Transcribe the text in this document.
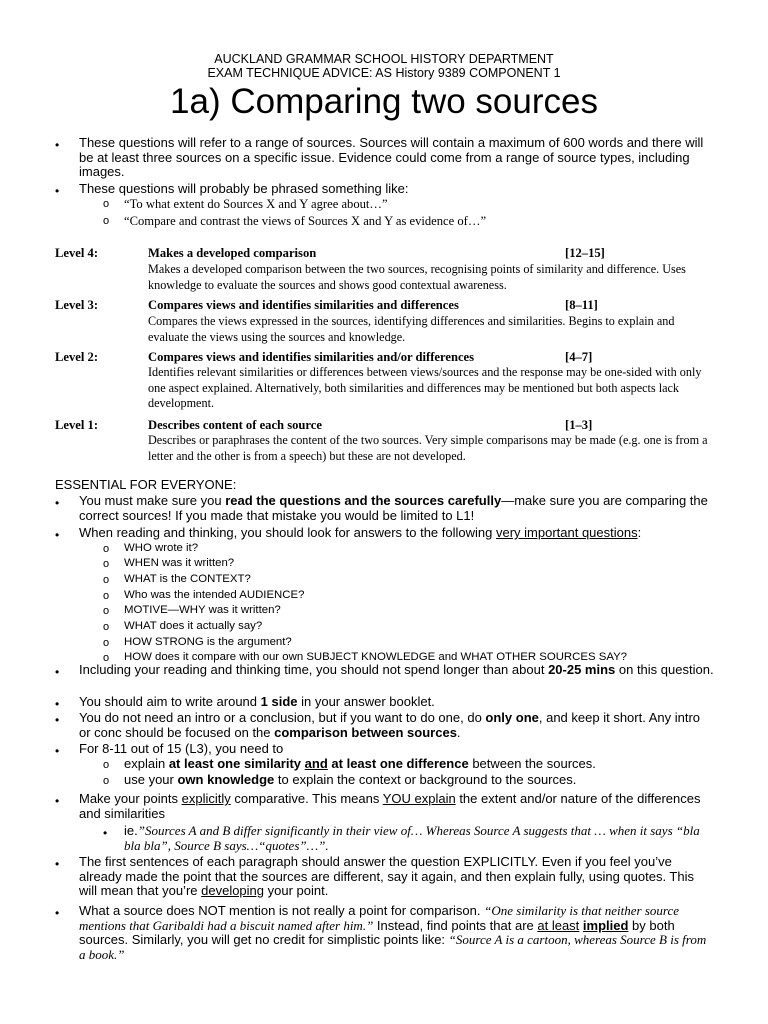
AUCKLAND GRAMMAR SCHOOL HISTORY DEPARTMENT
EXAM TECHNIQUE ADVICE: AS History 9389 COMPONENT 1
1a) Comparing two sources
• These questions will refer to a range of sources. Sources will contain a maximum of 600 words and there will be at least three sources on a specific issue. Evidence could come from a range of source types, including images.
• These questions will probably be phrased something like:
o “To what extent do Sources X and Y agree about…”
o “Compare and contrast the views of Sources X and Y as evidence of…”
Level 4:	Makes a developed comparison	[12–15]
Makes a developed comparison between the two sources, recognising points of similarity and difference. Uses knowledge to evaluate the sources and shows good contextual awareness.
Level 3:	Compares views and identifies similarities and differences	[8–11]
Compares the views expressed in the sources, identifying differences and similarities. Begins to explain and evaluate the views using the sources and knowledge.
Level 2:	Compares views and identifies similarities and/or differences	[4–7]
Identifies relevant similarities or differences between views/sources and the response may be one-sided with only one aspect explained. Alternatively, both similarities and differences may be mentioned but both aspects lack development.
Level 1:	Describes content of each source	[1–3]
Describes or paraphrases the content of the two sources. Very simple comparisons may be made (e.g. one is from a letter and the other is from a speech) but these are not developed.
ESSENTIAL FOR EVERYONE:
• You must make sure you read the questions and the sources carefully—make sure you are comparing the correct sources! If you made that mistake you would be limited to L1!
• When reading and thinking, you should look for answers to the following very important questions:
o WHO wrote it?
o WHEN was it written?
o WHAT is the CONTEXT?
o Who was the intended AUDIENCE?
o MOTIVE—WHY was it written?
o WHAT does it actually say?
o HOW STRONG is the argument?
o HOW does it compare with our own SUBJECT KNOWLEDGE and WHAT OTHER SOURCES SAY?
• Including your reading and thinking time, you should not spend longer than about 20-25 mins on this question.
• You should aim to write around 1 side in your answer booklet.
• You do not need an intro or a conclusion, but if you want to do one, do only one, and keep it short. Any intro or conc should be focused on the comparison between sources.
• For 8-11 out of 15 (L3), you need to
o explain at least one similarity and at least one difference between the sources.
o use your own knowledge to explain the context or background to the sources.
• Make your points explicitly comparative. This means YOU explain the extent and/or nature of the differences and similarities
• ie.”Sources A and B differ significantly in their view of… Whereas Source A suggests that … when it says “bla bla bla”, Source B says…“quotes”…”.
• The first sentences of each paragraph should answer the question EXPLICITLY. Even if you feel you’ve already made the point that the sources are different, say it again, and then explain fully, using quotes. This will mean that you’re developing your point.
• What a source does NOT mention is not really a point for comparison. “One similarity is that neither source mentions that Garibaldi had a biscuit named after him.” Instead, find points that are at least implied by both sources. Similarly, you will get no credit for simplistic points like: “Source A is a cartoon, whereas Source B is from a book.”
